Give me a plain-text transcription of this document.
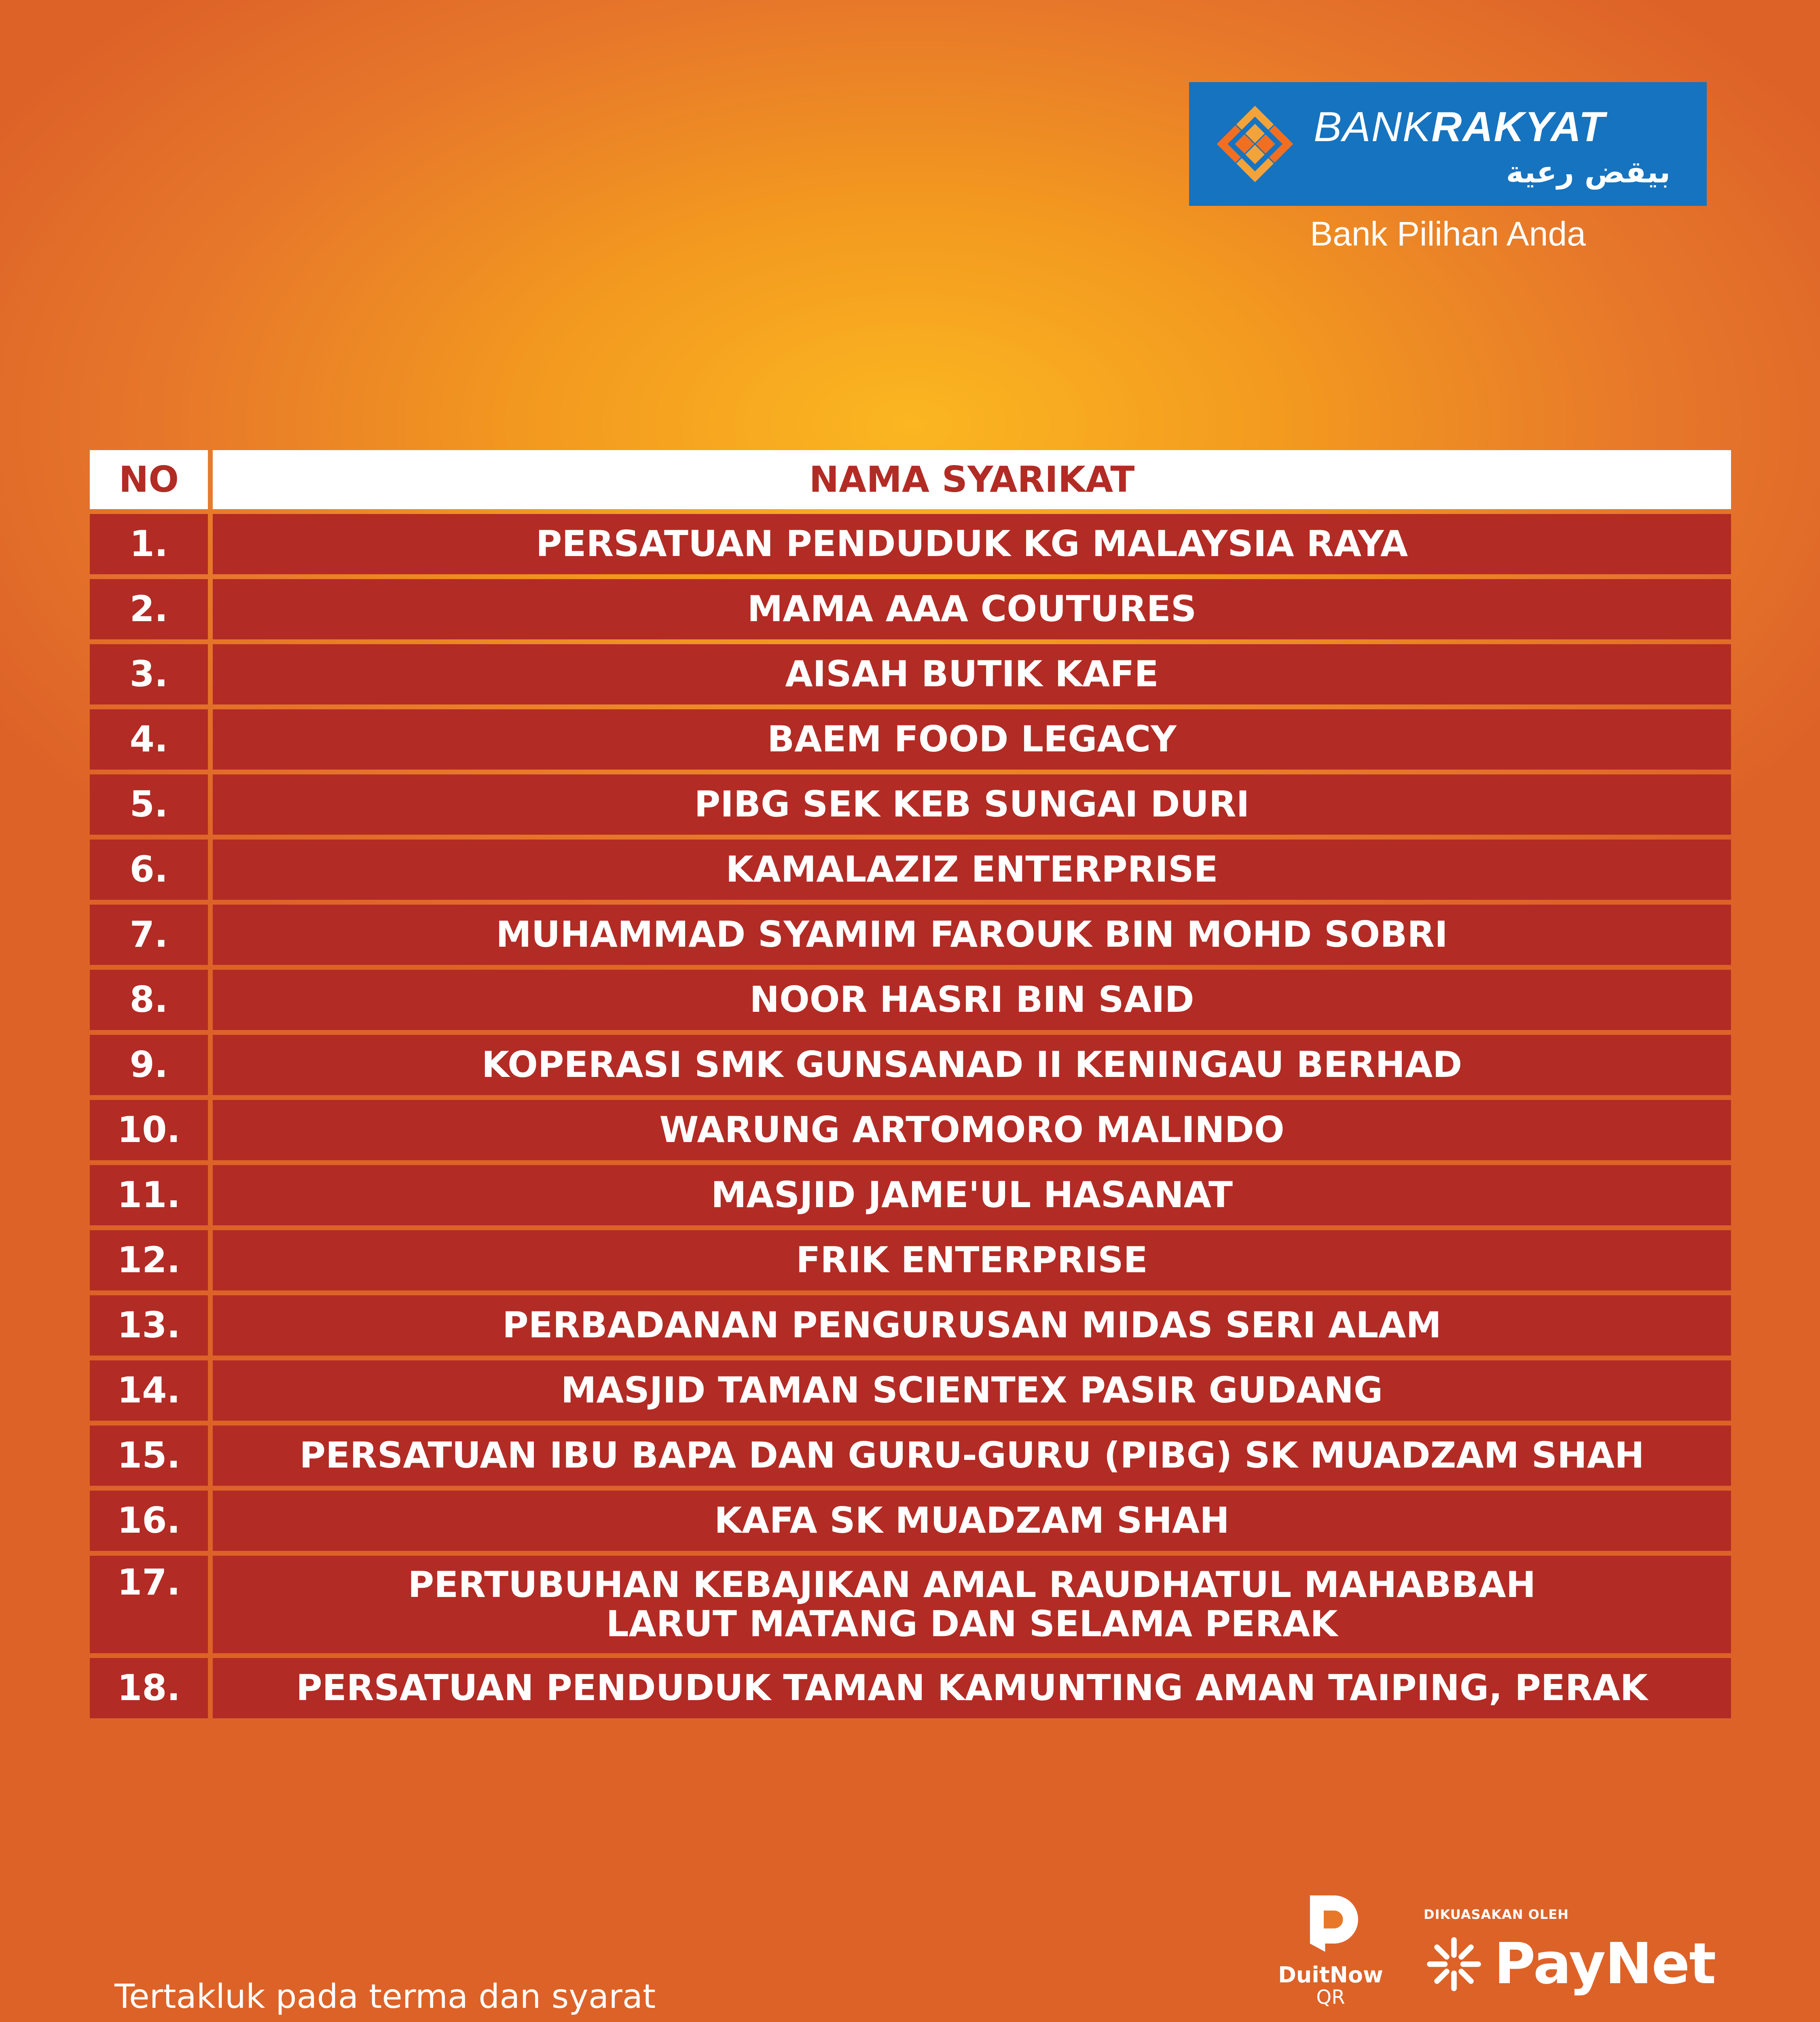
BANKRAKYAT
بيقض رعية
Bank Pilihan Anda
NO	NAMA SYARIKAT
1.	PERSATUAN PENDUDUK KG MALAYSIA RAYA
2.	MAMA AAA COUTURES
3.	AISAH BUTIK KAFE
4.	BAEM FOOD LEGACY
5.	PIBG SEK KEB SUNGAI DURI
6.	KAMALAZIZ ENTERPRISE
7.	MUHAMMAD SYAMIM FAROUK BIN MOHD SOBRI
8.	NOOR HASRI BIN SAID
9.	KOPERASI SMK GUNSANAD II KENINGAU BERHAD
10.	WARUNG ARTOMORO MALINDO
11.	MASJID JAME'UL HASANAT
12.	FRIK ENTERPRISE
13.	PERBADANAN PENGURUSAN MIDAS SERI ALAM
14.	MASJID TAMAN SCIENTEX PASIR GUDANG
15.	PERSATUAN IBU BAPA DAN GURU-GURU (PIBG) SK MUADZAM SHAH
16.	KAFA SK MUADZAM SHAH
17.	PERTUBUHAN KEBAJIKAN AMAL RAUDHATUL MAHABBAH
LARUT MATANG DAN SELAMA PERAK
18.	PERSATUAN PENDUDUK TAMAN KAMUNTING AMAN TAIPING, PERAK
Tertakluk pada terma dan syarat
DuitNow
QR
DIKUASAKAN OLEH
PayNet
